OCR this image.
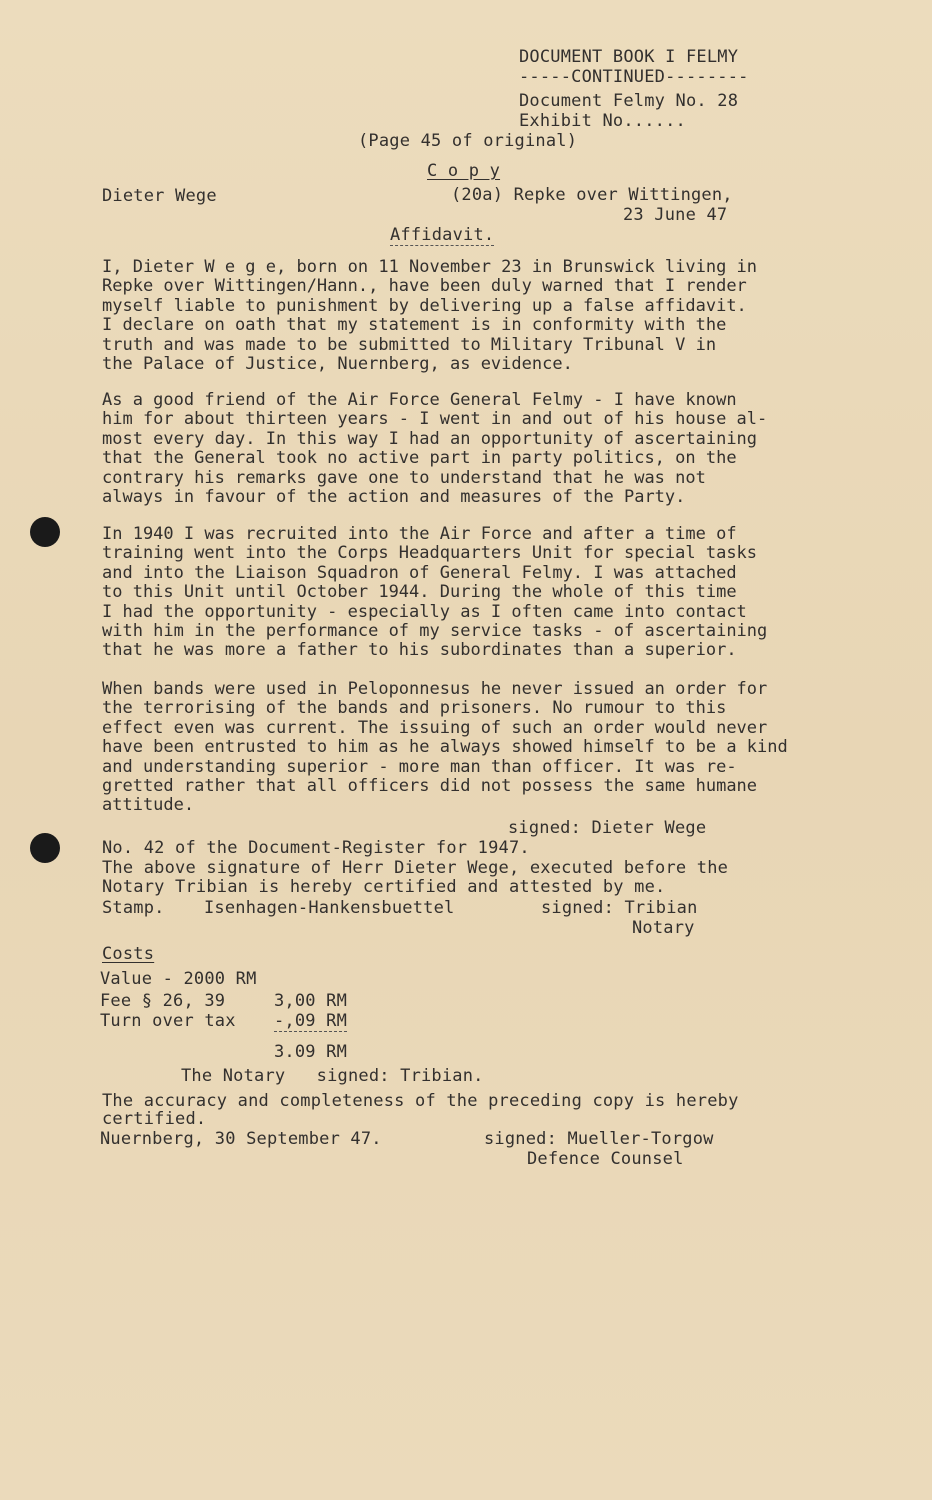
DOCUMENT BOOK I FELMY
-----CONTINUED--------
Document Felmy No. 28
Exhibit No......
(Page 45 of original)
C o p y
Dieter Wege	(20a) Repke over Wittingen,
23 June 47
Affidavit.
I, Dieter W e g e, born on 11 November 23 in Brunswick living in
Repke over Wittingen/Hann., have been duly warned that I render
myself liable to punishment by delivering up a false affidavit.
I declare on oath that my statement is in conformity with the
truth and was made to be submitted to Military Tribunal V in
the Palace of Justice, Nuernberg, as evidence.
As a good friend of the Air Force General Felmy - I have known
him for about thirteen years - I went in and out of his house al-
most every day. In this way I had an opportunity of ascertaining
that the General took no active part in party politics, on the
contrary his remarks gave one to understand that he was not
always in favour of the action and measures of the Party.
In 1940 I was recruited into the Air Force and after a time of
training went into the Corps Headquarters Unit for special tasks
and into the Liaison Squadron of General Felmy. I was attached
to this Unit until October 1944. During the whole of this time
I had the opportunity - especially as I often came into contact
with him in the performance of my service tasks - of ascertaining
that he was more a father to his subordinates than a superior.
When bands were used in Peloponnesus he never issued an order for
the terrorising of the bands and prisoners. No rumour to this
effect even was current. The issuing of such an order would never
have been entrusted to him as he always showed himself to be a kind
and understanding superior - more man than officer. It was re-
gretted rather that all officers did not possess the same humane
attitude.
signed: Dieter Wege
No. 42 of the Document-Register for 1947.
The above signature of Herr Dieter Wege, executed before the
Notary Tribian is hereby certified and attested by me.
Stamp. Isenhagen-Hankensbuettel	signed: Tribian
Notary
Costs
Value - 2000 RM
Fee § 26, 39	3,00 RM
Turn over tax -,09 RM
3.09 RM
The Notary   signed: Tribian.
The accuracy and completeness of the preceding copy is hereby
certified.
Nuernberg, 30 September 47.	signed: Mueller-Torgow
Defence Counsel
